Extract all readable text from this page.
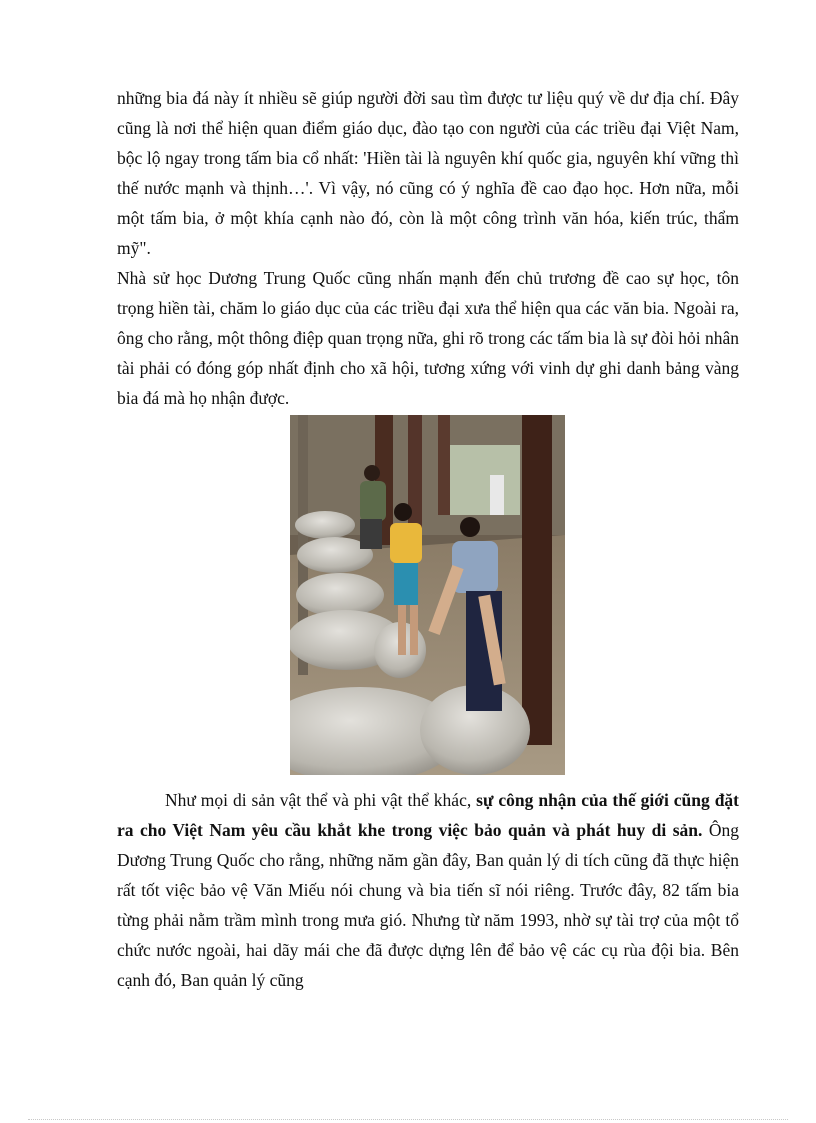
những bia đá này ít nhiều sẽ giúp người đời sau tìm được tư liệu quý về dư địa chí. Đây cũng là nơi thể hiện quan điểm giáo dục, đào tạo con người của các triều đại Việt Nam, bộc lộ ngay trong tấm bia cổ nhất: 'Hiền tài là nguyên khí quốc gia, nguyên khí vững thì thế nước mạnh và thịnh…'. Vì vậy, nó cũng có ý nghĩa đề cao đạo học. Hơn nữa, mỗi một tấm bia, ở một khía cạnh nào đó, còn là một công trình văn hóa, kiến trúc, thẩm mỹ".

Nhà sử học Dương Trung Quốc cũng nhấn mạnh đến chủ trương đề cao sự học, tôn trọng hiền tài, chăm lo giáo dục của các triều đại xưa thể hiện qua các văn bia. Ngoài ra, ông cho rằng, một thông điệp quan trọng nữa, ghi rõ trong các tấm bia là sự đòi hỏi nhân tài phải có đóng góp nhất định cho xã hội, tương xứng với vinh dự ghi danh bảng vàng bia đá mà họ nhận được.

Như mọi di sản vật thể và phi vật thể khác, sự công nhận của thế giới cũng đặt ra cho Việt Nam yêu cầu khắt khe trong việc bảo quản và phát huy di sản. Ông Dương Trung Quốc cho rằng, những năm gần đây, Ban quản lý di tích cũng đã thực hiện rất tốt việc bảo vệ Văn Miếu nói chung và bia tiến sĩ nói riêng. Trước đây, 82 tấm bia từng phải nằm trầm mình trong mưa gió. Nhưng từ năm 1993, nhờ sự tài trợ của một tổ chức nước ngoài, hai dãy mái che đã được dựng lên để bảo vệ các cụ rùa đội bia. Bên cạnh đó, Ban quản lý cũng
